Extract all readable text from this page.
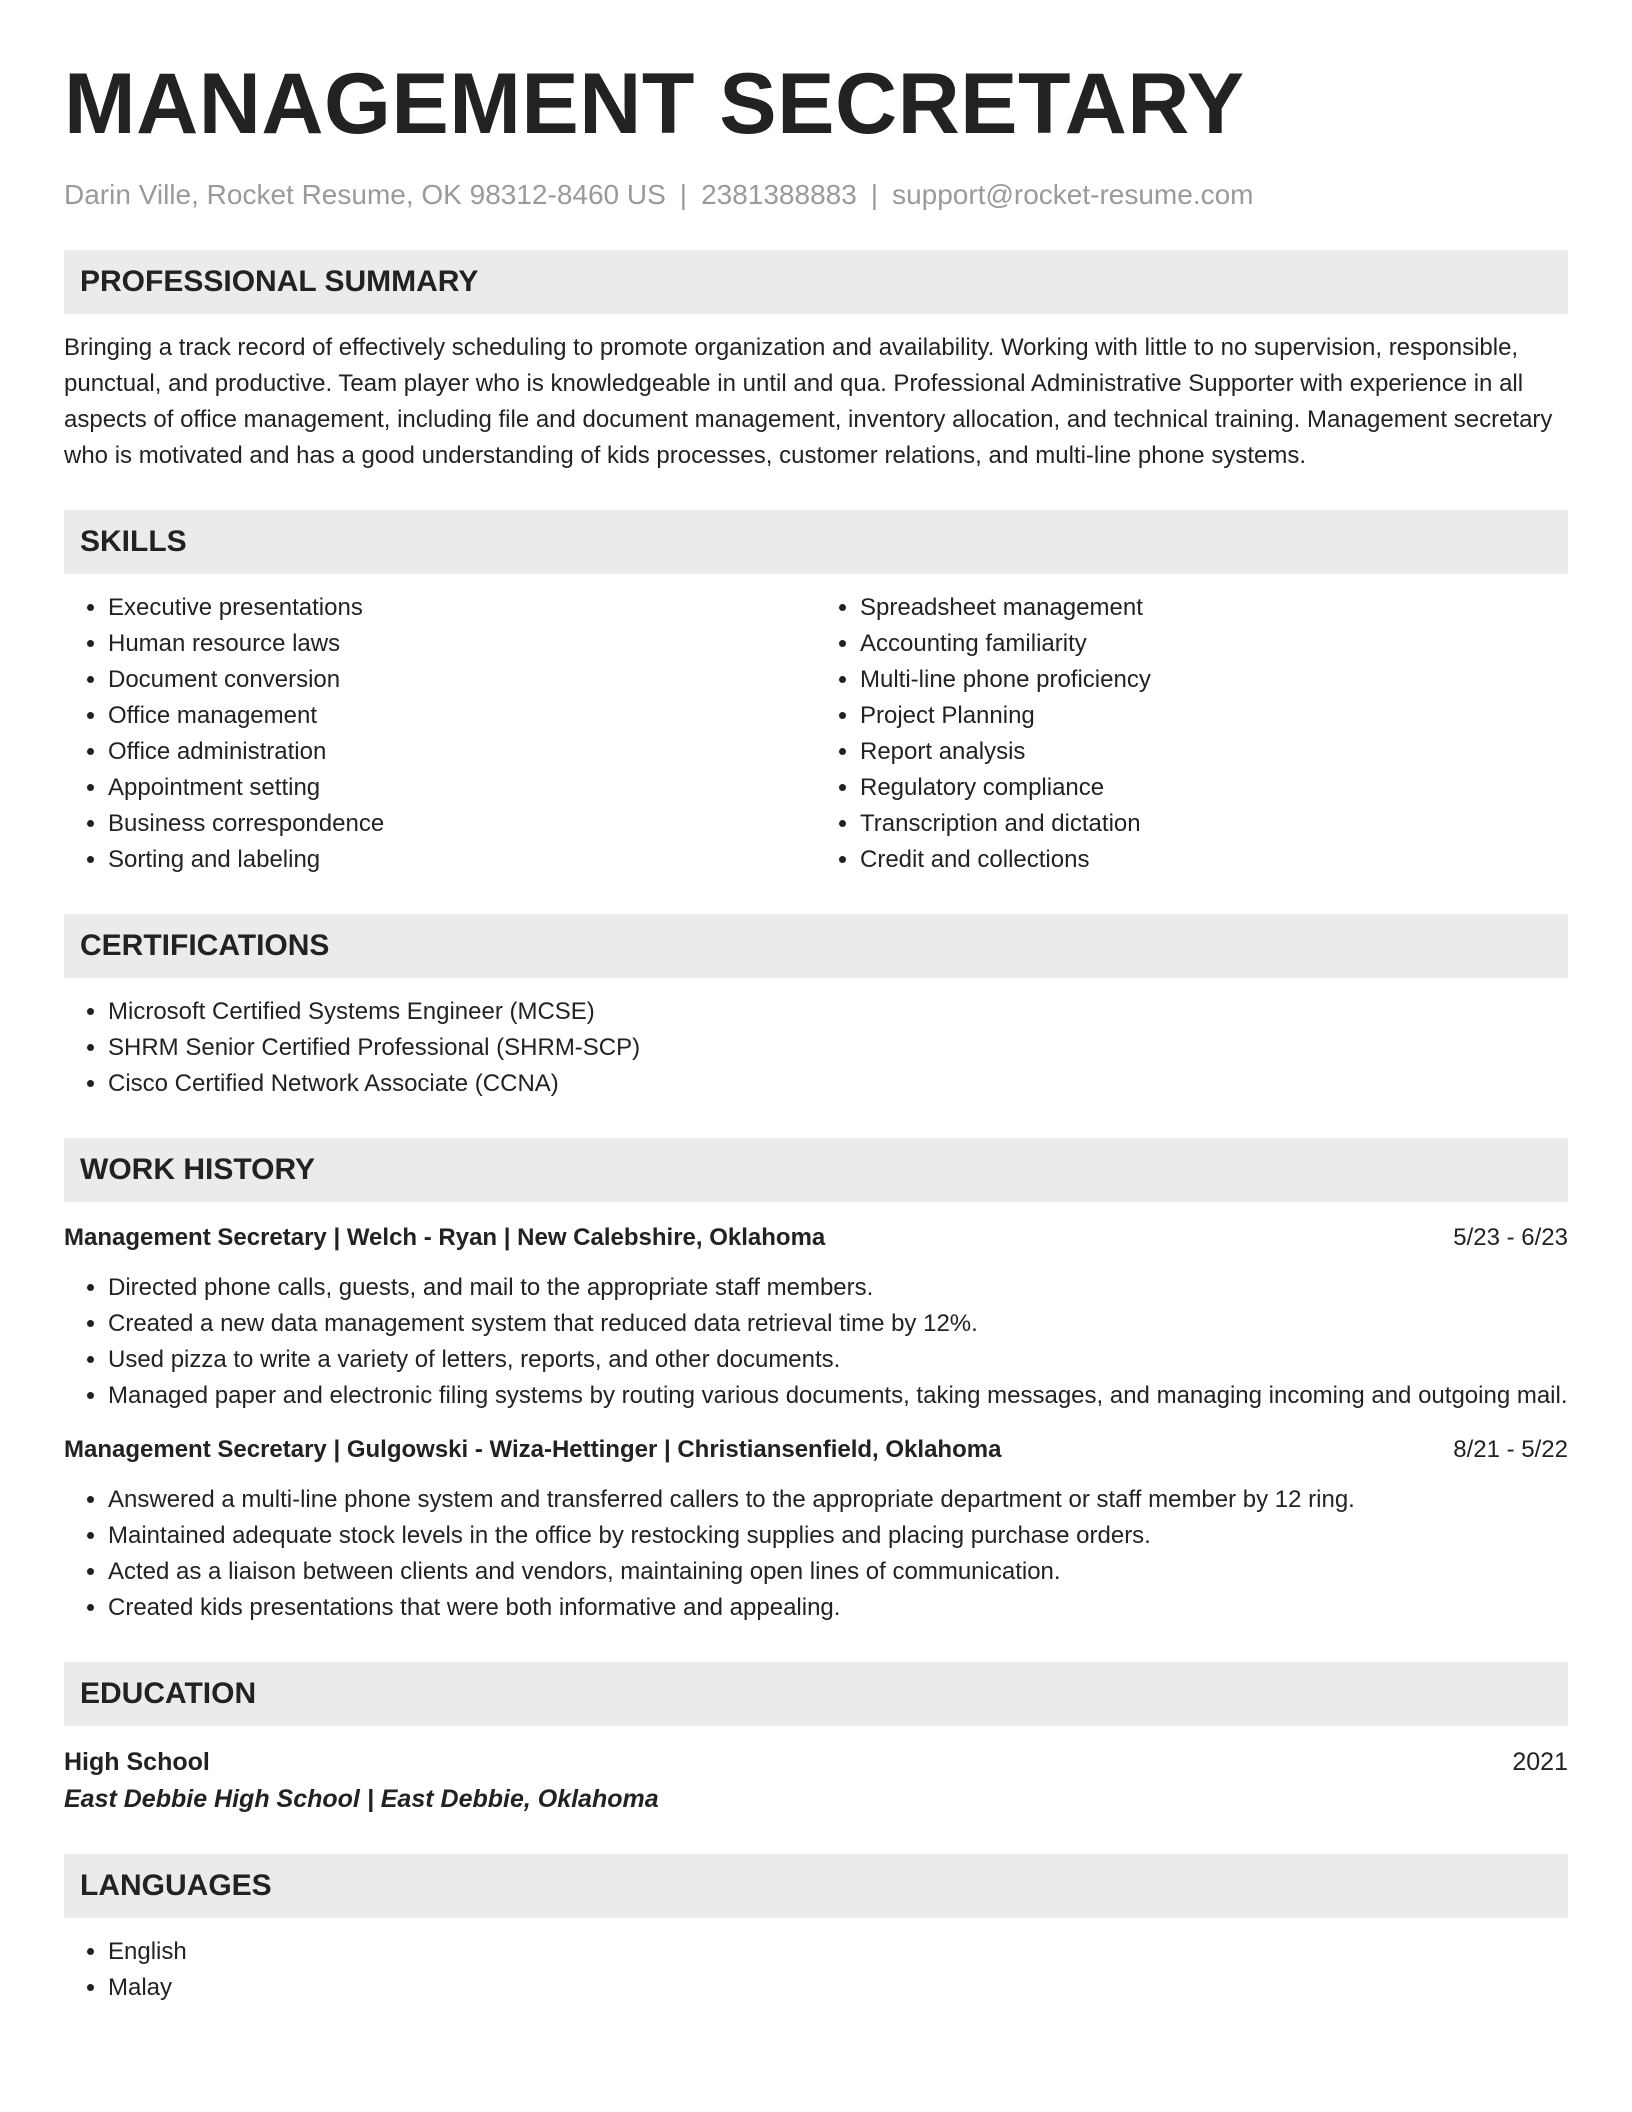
MANAGEMENT SECRETARY

Darin Ville, Rocket Resume, OK 98312-8460 US | 2381388883 | support@rocket-resume.com

PROFESSIONAL SUMMARY

Bringing a track record of effectively scheduling to promote organization and availability. Working with little to no supervision, responsible, punctual, and productive. Team player who is knowledgeable in until and qua. Professional Administrative Supporter with experience in all aspects of office management, including file and document management, inventory allocation, and technical training. Management secretary who is motivated and has a good understanding of kids processes, customer relations, and multi-line phone systems.

SKILLS
• Executive presentations
• Human resource laws
• Document conversion
• Office management
• Office administration
• Appointment setting
• Business correspondence
• Sorting and labeling
• Spreadsheet management
• Accounting familiarity
• Multi-line phone proficiency
• Project Planning
• Report analysis
• Regulatory compliance
• Transcription and dictation
• Credit and collections
CERTIFICATIONS
• Microsoft Certified Systems Engineer (MCSE)
• SHRM Senior Certified Professional (SHRM-SCP)
• Cisco Certified Network Associate (CCNA)
WORK HISTORY
Management Secretary | Welch - Ryan | New Calebshire, Oklahoma	5/23 - 6/23
• Directed phone calls, guests, and mail to the appropriate staff members.
• Created a new data management system that reduced data retrieval time by 12%.
• Used pizza to write a variety of letters, reports, and other documents.
• Managed paper and electronic filing systems by routing various documents, taking messages, and managing incoming and outgoing mail.
Management Secretary | Gulgowski - Wiza-Hettinger | Christiansenfield, Oklahoma	8/21 - 5/22
• Answered a multi-line phone system and transferred callers to the appropriate department or staff member by 12 ring.
• Maintained adequate stock levels in the office by restocking supplies and placing purchase orders.
• Acted as a liaison between clients and vendors, maintaining open lines of communication.
• Created kids presentations that were both informative and appealing.
EDUCATION
High School	2021
East Debbie High School | East Debbie, Oklahoma
LANGUAGES
• English
• Malay
